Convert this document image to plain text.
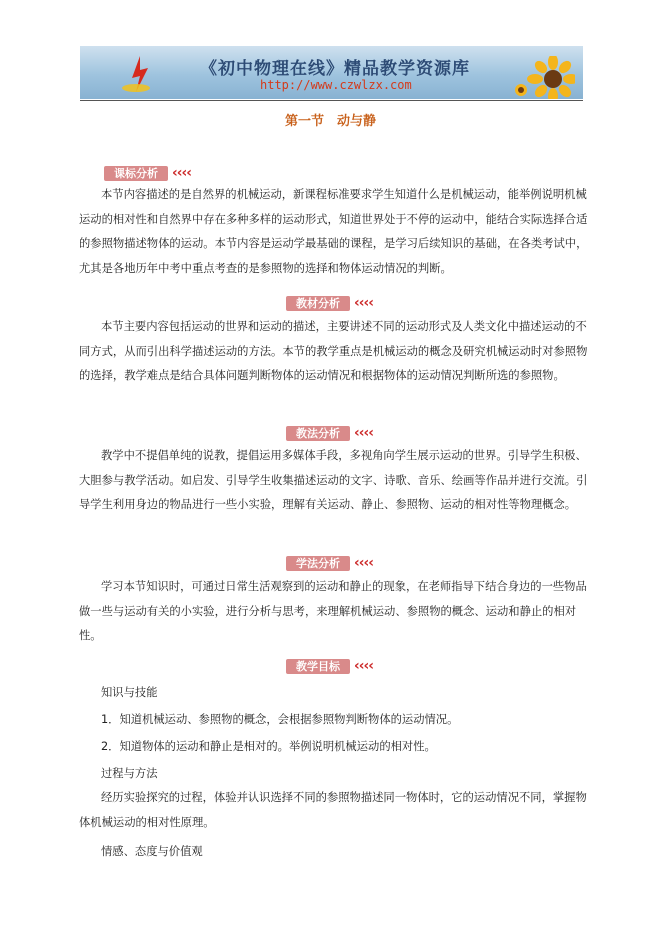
《初中物理在线》精品教学资源库
http://www.czwlzx.com
第一节　动与静
课标分析	‹‹‹‹

本节内容描述的是自然界的机械运动，新课程标准要求学生知道什么是机械运动，能举例说明机械运动的相对性和自然界中存在多种多样的运动形式，知道世界处于不停的运动中，能结合实际选择合适的参照物描述物体的运动。本节内容是运动学最基础的课程，是学习后续知识的基础，在各类考试中，尤其是各地历年中考中重点考查的是参照物的选择和物体运动情况的判断。

教材分析	‹‹‹‹

本节主要内容包括运动的世界和运动的描述，主要讲述不同的运动形式及人类文化中描述运动的不同方式，从而引出科学描述运动的方法。本节的教学重点是机械运动的概念及研究机械运动时对参照物的选择，教学难点是结合具体问题判断物体的运动情况和根据物体的运动情况判断所选的参照物。

教法分析	‹‹‹‹

教学中不提倡单纯的说教，提倡运用多媒体手段，多视角向学生展示运动的世界。引导学生积极、大胆参与教学活动。如启发、引导学生收集描述运动的文字、诗歌、音乐、绘画等作品并进行交流。引导学生利用身边的物品进行一些小实验，理解有关运动、静止、参照物、运动的相对性等物理概念。

学法分析	‹‹‹‹

学习本节知识时，可通过日常生活观察到的运动和静止的现象，在老师指导下结合身边的一些物品做一些与运动有关的小实验，进行分析与思考，来理解机械运动、参照物的概念、运动和静止的相对性。

教学目标	‹‹‹‹

知识与技能

1．知道机械运动、参照物的概念，会根据参照物判断物体的运动情况。

2．知道物体的运动和静止是相对的。举例说明机械运动的相对性。

过程与方法

经历实验探究的过程，体验并认识选择不同的参照物描述同一物体时，它的运动情况不同，掌握物体机械运动的相对性原理。

情感、态度与价值观
